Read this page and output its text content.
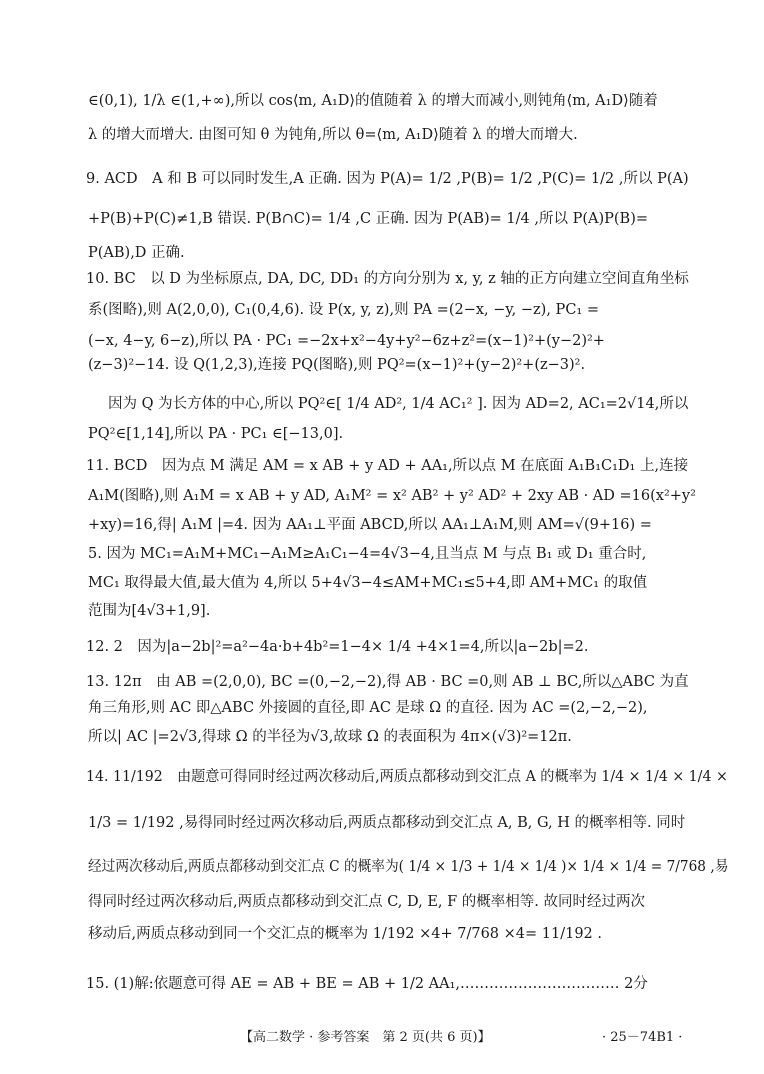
∈(0,1), 1/λ ∈(1,+∞),所以 cos⟨m, A₁D⟩的值随着 λ 的增大而减小,则钝角⟨m, A₁D⟩随着
λ 的增大而增大. 由图可知 θ 为钝角,所以 θ=⟨m, A₁D⟩随着 λ 的增大而增大.
9. ACD　A 和 B 可以同时发生,A 正确. 因为 P(A)= 1/2 ,P(B)= 1/2 ,P(C)= 1/2 ,所以 P(A)
+P(B)+P(C)≠1,B 错误. P(B∩C)= 1/4 ,C 正确. 因为 P(AB)= 1/4 ,所以 P(A)P(B)=
P(AB),D 正确.
10. BC　以 D 为坐标原点, DA, DC, DD₁ 的方向分别为 x, y, z 轴的正方向建立空间直角坐标
系(图略),则 A(2,0,0), C₁(0,4,6). 设 P(x, y, z),则 PA =(2−x, −y, −z), PC₁ =
(−x, 4−y, 6−z),所以 PA · PC₁ =−2x+x²−4y+y²−6z+z²=(x−1)²+(y−2)²+
(z−3)²−14. 设 Q(1,2,3),连接 PQ(图略),则 PQ²=(x−1)²+(y−2)²+(z−3)².
因为 Q 为长方体的中心,所以 PQ²∈[ 1/4 AD², 1/4 AC₁² ]. 因为 AD=2, AC₁=2√14,所以
PQ²∈[1,14],所以 PA · PC₁ ∈[−13,0].
11. BCD　因为点 M 满足 AM = x AB + y AD + AA₁,所以点 M 在底面 A₁B₁C₁D₁ 上,连接
A₁M(图略),则 A₁M = x AB + y AD, A₁M² = x² AB² + y² AD² + 2xy AB · AD =16(x²+y²
+xy)=16,得| A₁M |=4. 因为 AA₁⊥平面 ABCD,所以 AA₁⊥A₁M,则 AM=√(9+16) =
5. 因为 MC₁=A₁M+MC₁−A₁M≥A₁C₁−4=4√3−4,且当点 M 与点 B₁ 或 D₁ 重合时,
MC₁ 取得最大值,最大值为 4,所以 5+4√3−4≤AM+MC₁≤5+4,即 AM+MC₁ 的取值
范围为[4√3+1,9].
12. 2　因为|a−2b|²=a²−4a·b+4b²=1−4× 1/4 +4×1=4,所以|a−2b|=2.
13. 12π　由 AB =(2,0,0), BC =(0,−2,−2),得 AB · BC =0,则 AB ⊥ BC,所以△ABC 为直
角三角形,则 AC 即△ABC 外接圆的直径,即 AC 是球 Ω 的直径. 因为 AC =(2,−2,−2),
所以| AC |=2√3,得球 Ω 的半径为√3,故球 Ω 的表面积为 4π×(√3)²=12π.
14. 11/192　由题意可得同时经过两次移动后,两质点都移动到交汇点 A 的概率为 1/4 × 1/4 × 1/4 ×
1/3 = 1/192 ,易得同时经过两次移动后,两质点都移动到交汇点 A, B, G, H 的概率相等. 同时
经过两次移动后,两质点都移动到交汇点 C 的概率为( 1/4 × 1/3 + 1/4 × 1/4 )× 1/4 × 1/4 = 7/768 ,易
得同时经过两次移动后,两质点都移动到交汇点 C, D, E, F 的概率相等. 故同时经过两次
移动后,两质点移动到同一个交汇点的概率为 1/192 ×4+ 7/768 ×4= 11/192 .
15. (1)解:依题意可得 AE = AB + BE = AB + 1/2 AA₁,…………………………… 2分
【高二数学 · 参考答案　第 2 页(共 6 页)】	· 25－74B1 ·
